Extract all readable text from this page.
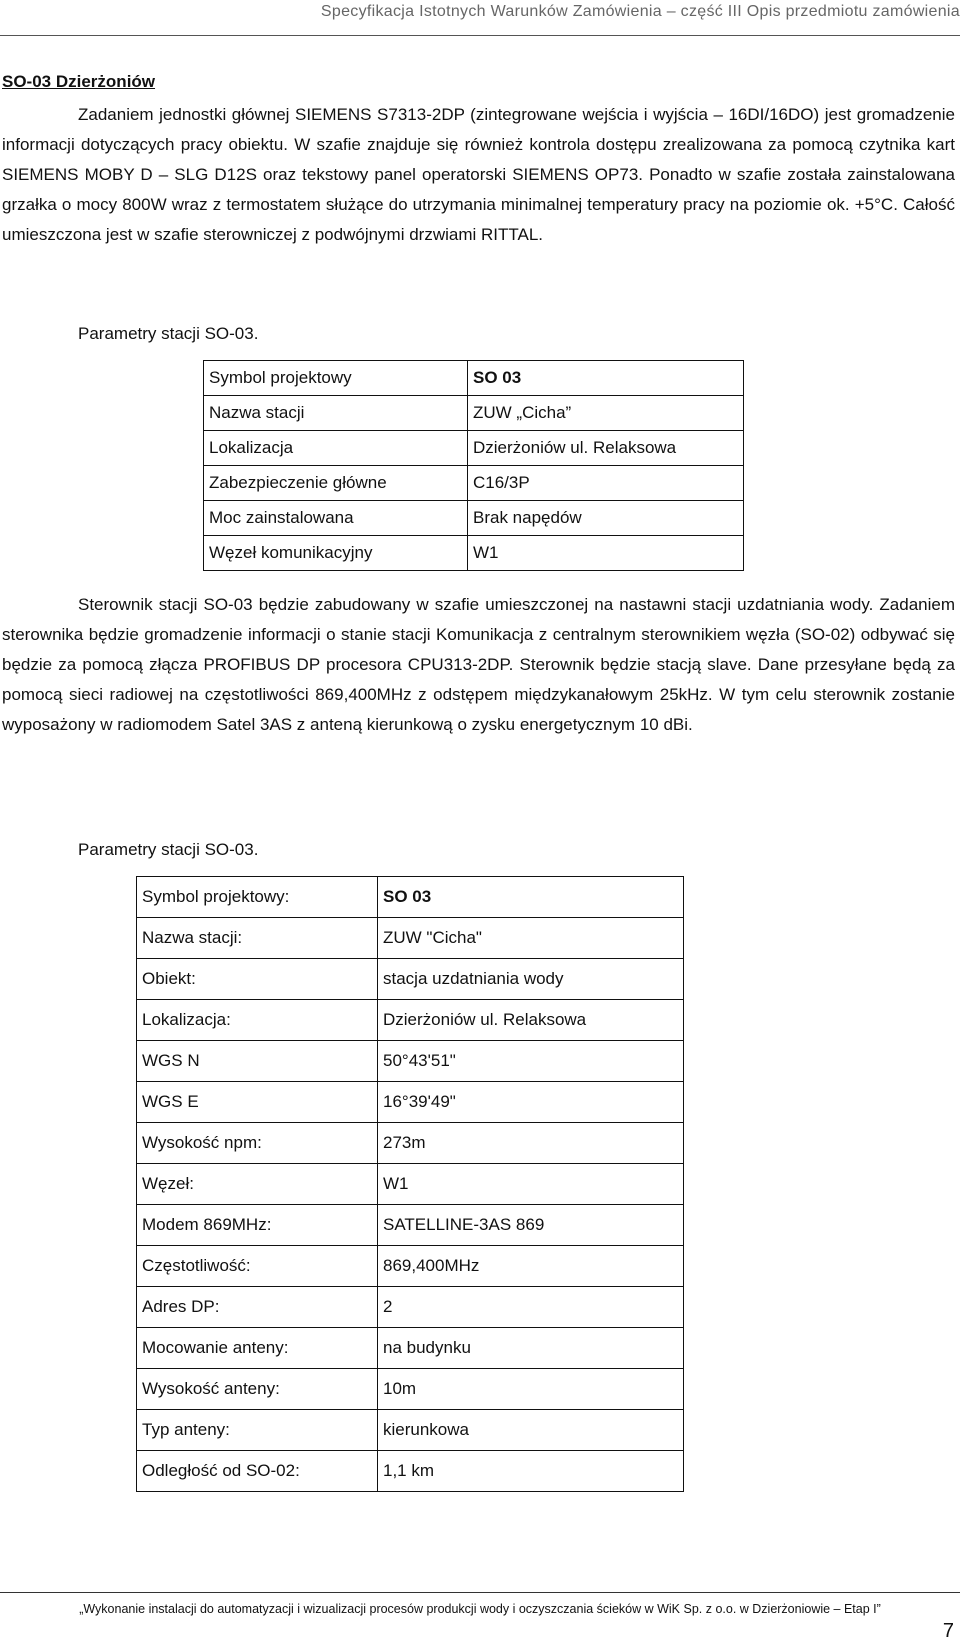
Specyfikacja Istotnych Warunków Zamówienia – część III Opis przedmiotu zamówienia
SO-03 Dzierżoniów

Zadaniem jednostki głównej SIEMENS S7313-2DP (zintegrowane wejścia i wyjścia – 16DI/16DO) jest gromadzenie informacji dotyczących pracy obiektu. W szafie znajduje się również kontrola dostępu zrealizowana za pomocą czytnika kart SIEMENS MOBY D – SLG D12S oraz tekstowy panel operatorski SIEMENS OP73. Ponadto w szafie została zainstalowana grzałka o mocy 800W wraz z termostatem służące do utrzymania minimalnej temperatury pracy na poziomie ok. +5°C. Całość umieszczona jest w szafie sterowniczej z podwójnymi drzwiami RITTAL.

Parametry stacji SO-03.
Symbol projektowy	SO 03
Nazwa stacji	ZUW „Cicha”
Lokalizacja	Dzierżoniów ul. Relaksowa
Zabezpieczenie główne	C16/3P
Moc zainstalowana	Brak napędów
Węzeł komunikacyjny	W1

Sterownik stacji SO-03 będzie zabudowany w szafie umieszczonej na nastawni stacji uzdatniania wody. Zadaniem sterownika będzie gromadzenie informacji o stanie stacji Komunikacja z centralnym sterownikiem węzła (SO-02) odbywać się będzie za pomocą złącza PROFIBUS DP procesora CPU313-2DP. Sterownik będzie stacją slave. Dane przesyłane będą za pomocą sieci radiowej na częstotliwości 869,400MHz z odstępem międzykanałowym 25kHz. W tym celu sterownik zostanie wyposażony w radiomodem Satel 3AS z anteną kierunkową o zysku energetycznym 10 dBi.

Parametry stacji SO-03.
Symbol projektowy:	SO 03
Nazwa stacji:	ZUW "Cicha"
Obiekt:	stacja uzdatniania wody
Lokalizacja:	Dzierżoniów ul. Relaksowa
WGS N	50°43'51"
WGS E	16°39'49"
Wysokość npm:	273m
Węzeł:	W1
Modem 869MHz:	SATELLINE-3AS 869
Częstotliwość:	869,400MHz
Adres DP:	2
Mocowanie anteny:	na budynku
Wysokość anteny:	10m
Typ anteny:	kierunkowa
Odległość od SO-02:	1,1 km
„Wykonanie instalacji do automatyzacji i wizualizacji procesów produkcji wody i oczyszczania ścieków w WiK Sp. z o.o. w Dzierżoniowie – Etap I”
7
